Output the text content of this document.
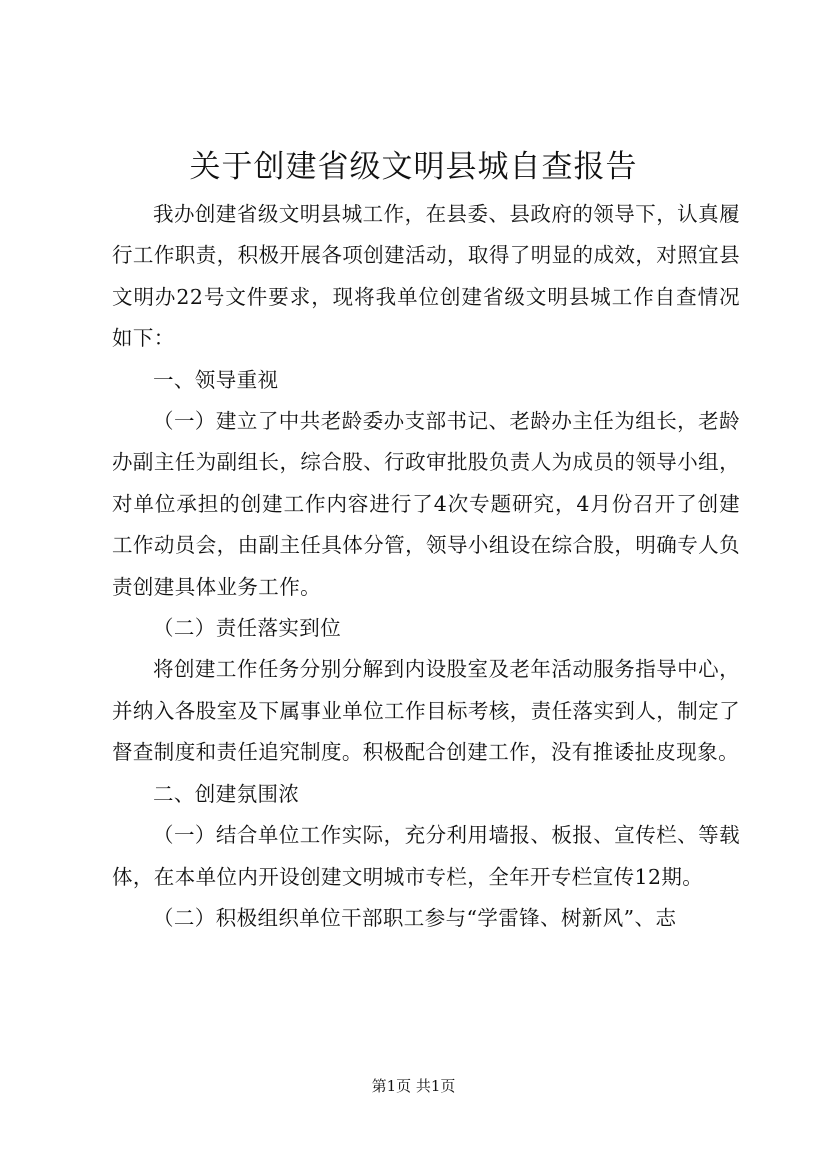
关于创建省级文明县城自查报告

我办创建省级文明县城工作，在县委、县政府的领导下，认真履行工作职责，积极开展各项创建活动，取得了明显的成效，对照宜县文明办22号文件要求，现将我单位创建省级文明县城工作自查情况如下：

一、领导重视

（一）建立了中共老龄委办支部书记、老龄办主任为组长，老龄办副主任为副组长，综合股、行政审批股负责人为成员的领导小组，对单位承担的创建工作内容进行了4次专题研究，4月份召开了创建工作动员会，由副主任具体分管，领导小组设在综合股，明确专人负责创建具体业务工作。

（二）责任落实到位

将创建工作任务分别分解到内设股室及老年活动服务指导中心，并纳入各股室及下属事业单位工作目标考核，责任落实到人，制定了督查制度和责任追究制度。积极配合创建工作，没有推诿扯皮现象。

二、创建氛围浓

（一）结合单位工作实际，充分利用墙报、板报、宣传栏、等载体，在本单位内开设创建文明城市专栏，全年开专栏宣传12期。

（二）积极组织单位干部职工参与“学雷锋、树新风”、志

第1页 共1页
